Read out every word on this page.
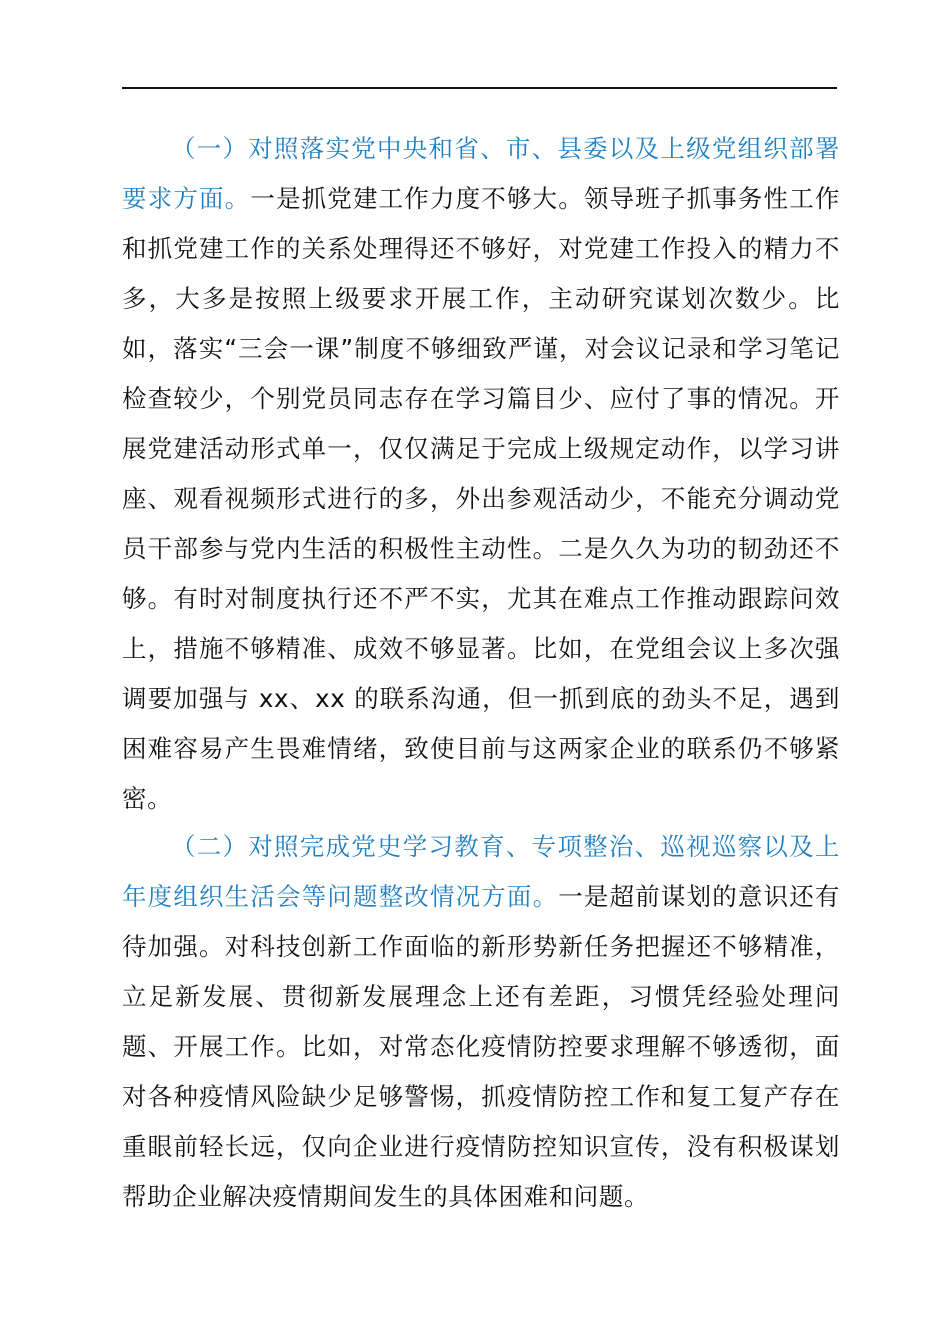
（一）对照落实党中央和省、市、县委以及上级党组织部署要求方面。一是抓党建工作力度不够大。领导班子抓事务性工作和抓党建工作的关系处理得还不够好，对党建工作投入的精力不多，大多是按照上级要求开展工作，主动研究谋划次数少。比如，落实“三会一课”制度不够细致严谨，对会议记录和学习笔记检查较少，个别党员同志存在学习篇目少、应付了事的情况。开展党建活动形式单一，仅仅满足于完成上级规定动作，以学习讲座、观看视频形式进行的多，外出参观活动少，不能充分调动党员干部参与党内生活的积极性主动性。二是久久为功的韧劲还不够。有时对制度执行还不严不实，尤其在难点工作推动跟踪问效上，措施不够精准、成效不够显著。比如，在党组会议上多次强调要加强与 xx、xx 的联系沟通，但一抓到底的劲头不足，遇到困难容易产生畏难情绪，致使目前与这两家企业的联系仍不够紧密。

（二）对照完成党史学习教育、专项整治、巡视巡察以及上年度组织生活会等问题整改情况方面。一是超前谋划的意识还有待加强。对科技创新工作面临的新形势新任务把握还不够精准，立足新发展、贯彻新发展理念上还有差距，习惯凭经验处理问题、开展工作。比如，对常态化疫情防控要求理解不够透彻，面对各种疫情风险缺少足够警惕，抓疫情防控工作和复工复产存在重眼前轻长远，仅向企业进行疫情防控知识宣传，没有积极谋划帮助企业解决疫情期间发生的具体困难和问题。
